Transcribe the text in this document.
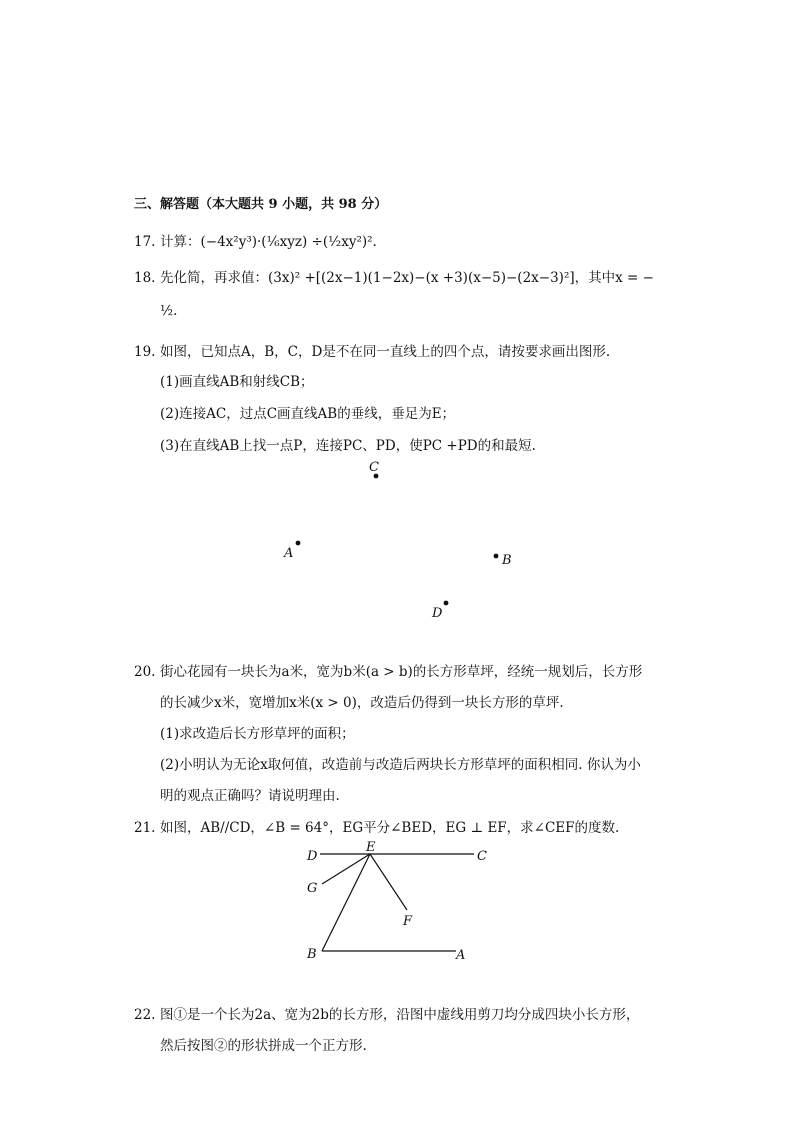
三、解答题（本大题共 9 小题，共 98 分）
17. 计算：(−4x²y³)·(¹⁄₆xyz) ÷(¹⁄₂xy²)².
18. 先化简，再求值：(3x)² +[(2x−1)(1−2x)−(x +3)(x−5)−(2x−3)²]，其中x = −
½.
19. 如图，已知点A，B，C，D是不在同一直线上的四个点，请按要求画出图形.
(1)画直线AB和射线CB；
(2)连接AC，过点C画直线AB的垂线，垂足为E；
(3)在直线AB上找一点P，连接PC、PD，使PC +PD的和最短.
C
A	B
D
20. 街心花园有一块长为a米，宽为b米(a > b)的长方形草坪，经统一规划后，长方形
的长减少x米，宽增加x米(x > 0)，改造后仍得到一块长方形的草坪.
(1)求改造后长方形草坪的面积；
(2)小明认为无论x取何值，改造前与改造后两块长方形草坪的面积相同. 你认为小
明的观点正确吗？请说明理由.
21. 如图，AB//CD，∠B = 64°，EG平分∠BED，EG ⊥ EF，求∠CEF的度数.
D
E
C
G
F
B	A
22. 图①是一个长为2a、宽为2b的长方形，沿图中虚线用剪刀均分成四块小长方形，
然后按图②的形状拼成一个正方形.
